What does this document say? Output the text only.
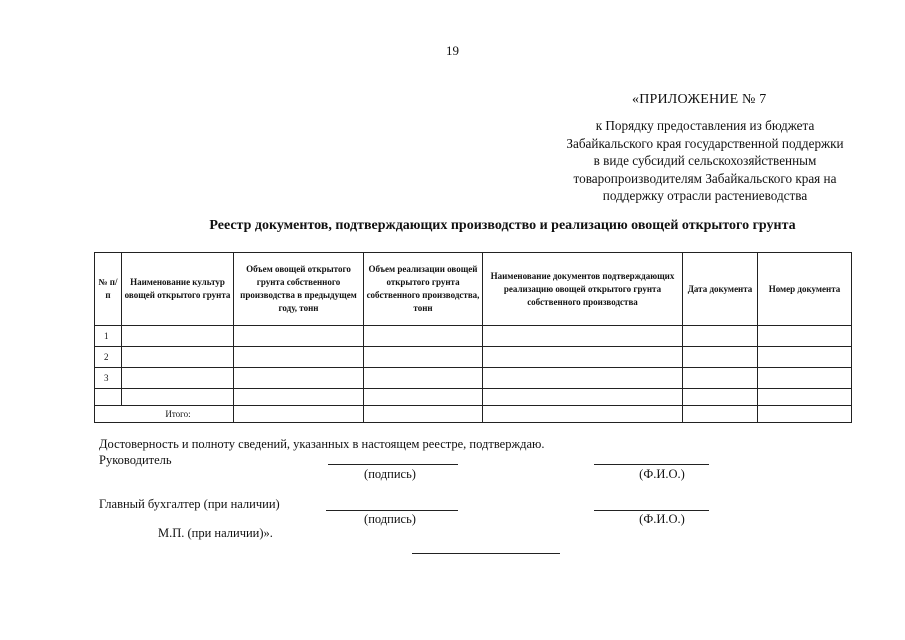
19
«ПРИЛОЖЕНИЕ № 7
к Порядку предоставления из бюджета
Забайкальского края государственной поддержки
в виде субсидий сельскохозяйственным
товаропроизводителям Забайкальского края на
поддержку отрасли растениеводства
Реестр документов, подтверждающих производство и реализацию овощей открытого грунта
№ п/п	Наименование культур овощей открытого грунта	Объем овощей открытого грунта собственного производства в предыдущем году, тонн	Объем реализации овощей открытого грунта собственного производства, тонн	Наименование документов подтверждающих реализацию овощей открытого грунта собственного производства	Дата документа	Номер документа
1						
2						
3						

Итого:						
Достоверность и полноту сведений, указанных в настоящем реестре, подтверждаю.
Руководитель
(подпись)	(Ф.И.О.)
Главный бухгалтер (при наличии)
(подпись)	(Ф.И.О.)
М.П. (при наличии)».
